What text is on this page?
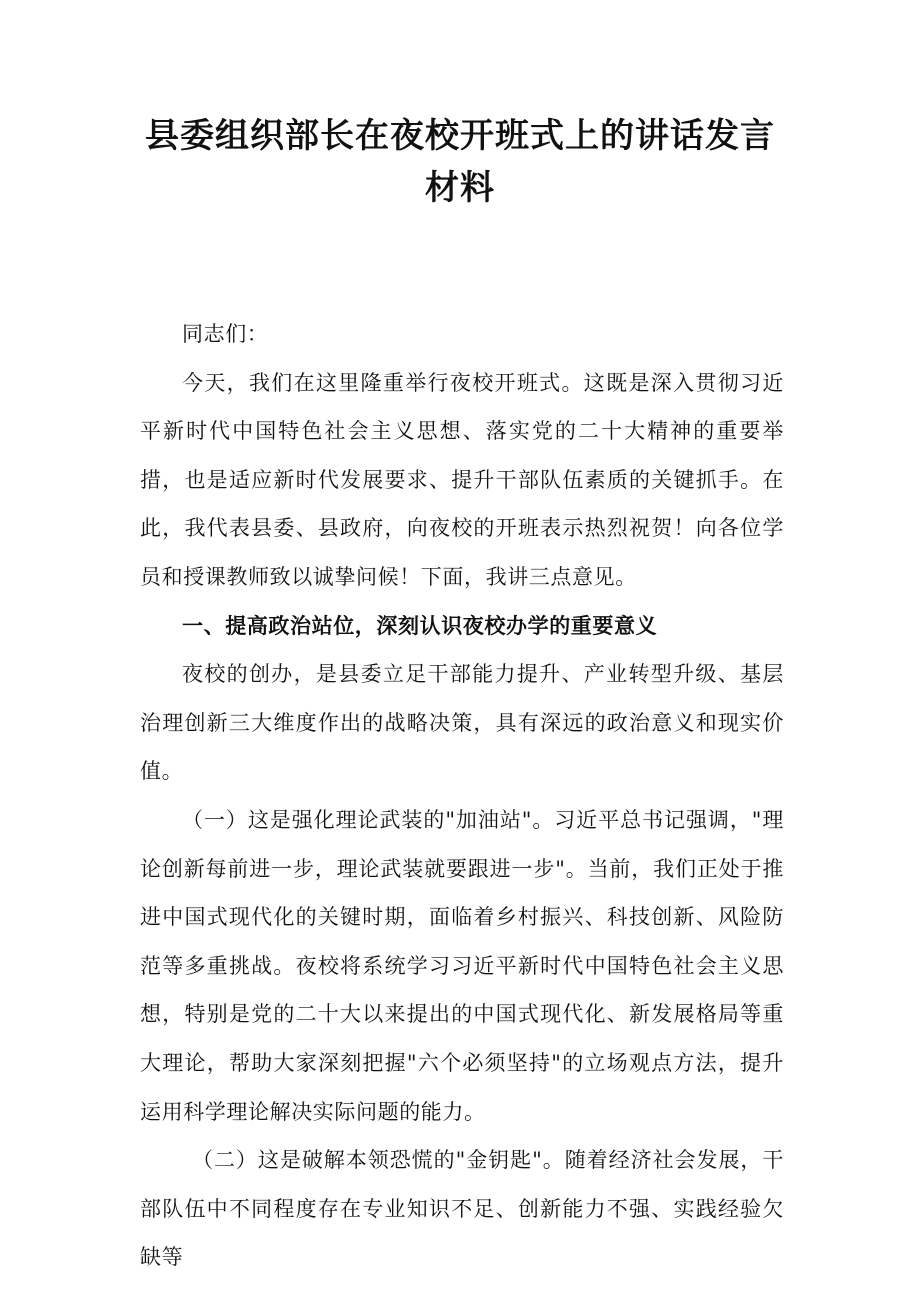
县委组织部长在夜校开班式上的讲话发言
材料

同志们：

今天，我们在这里隆重举行夜校开班式。这既是深入贯彻习近平新时代中国特色社会主义思想、落实党的二十大精神的重要举措，也是适应新时代发展要求、提升干部队伍素质的关键抓手。在此，我代表县委、县政府，向夜校的开班表示热烈祝贺！向各位学员和授课教师致以诚挚问候！下面，我讲三点意见。

一、提高政治站位，深刻认识夜校办学的重要意义

夜校的创办，是县委立足干部能力提升、产业转型升级、基层治理创新三大维度作出的战略决策，具有深远的政治意义和现实价值。

（一）这是强化理论武装的"加油站"。习近平总书记强调，"理论创新每前进一步，理论武装就要跟进一步"。当前，我们正处于推进中国式现代化的关键时期，面临着乡村振兴、科技创新、风险防范等多重挑战。夜校将系统学习习近平新时代中国特色社会主义思想，特别是党的二十大以来提出的中国式现代化、新发展格局等重大理论，帮助大家深刻把握"六个必须坚持"的立场观点方法，提升运用科学理论解决实际问题的能力。

（二）这是破解本领恐慌的"金钥匙"。随着经济社会发展，干部队伍中不同程度存在专业知识不足、创新能力不强、实践经验欠缺等
